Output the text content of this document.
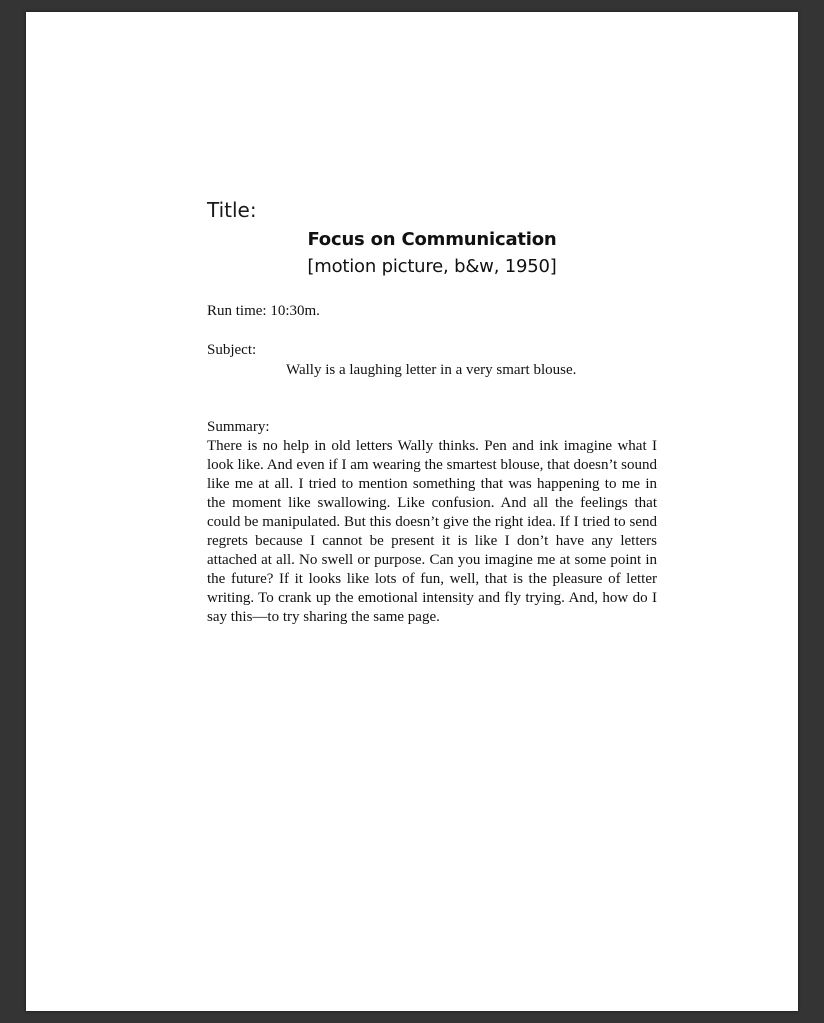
Title:
Focus on Communication
[motion picture, b&w, 1950]
Run time: 10:30m.
Subject:
Wally is a laughing letter in a very smart blouse.
Summary:

There is no help in old letters Wally thinks. Pen and ink imagine what I look like. And even if I am wearing the smartest blouse, that doesn’t sound like me at all. I tried to mention something that was happening to me in the moment like swallowing. Like confusion. And all the feelings that could be manipulated. But this doesn’t give the right idea. If I tried to send regrets because I cannot be present it is like I don’t have any letters attached at all. No swell or purpose. Can you imagine me at some point in the future? If it looks like lots of fun, well, that is the pleasure of letter writing. To crank up the emotional intensity and fly trying. And, how do I say this—to try sharing the same page.
